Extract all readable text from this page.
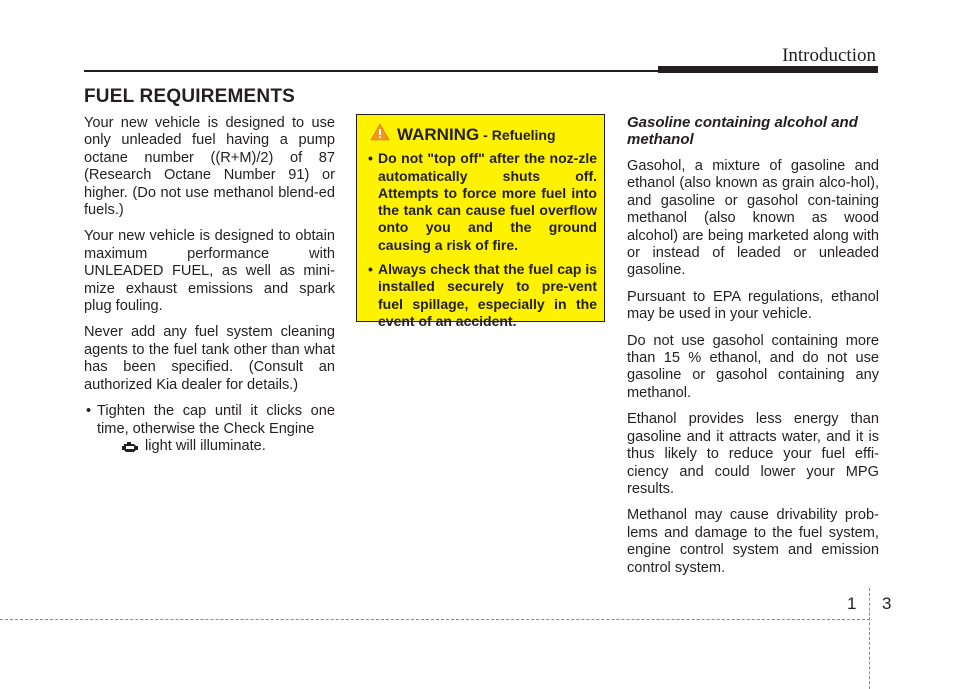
Introduction
FUEL REQUIREMENTS

Your new vehicle is designed to use only unleaded fuel having a pump octane number ((R+M)/2) of 87 (Research Octane Number 91) or higher. (Do not use methanol blend-ed fuels.)

Your new vehicle is designed to obtain maximum performance with UNLEADED FUEL, as well as mini-mize exhaust emissions and spark plug fouling.

Never add any fuel system cleaning agents to the fuel tank other than what has been specified. (Consult an authorized Kia dealer for details.)

• Tighten the cap until it clicks one time, otherwise the Check Engine
light will illuminate.
WARNING - Refueling
• Do not "top off" after the noz-zle automatically shuts off. Attempts to force more fuel into the tank can cause fuel overflow onto you and the ground causing a risk of fire.
• Always check that the fuel cap is installed securely to pre-vent fuel spillage, especially in the event of an accident.
Gasoline containing alcohol and methanol

Gasohol, a mixture of gasoline and ethanol (also known as grain alco-hol), and gasoline or gasohol con-taining methanol (also known as wood alcohol) are being marketed along with or instead of leaded or unleaded gasoline.

Pursuant to EPA regulations, ethanol may be used in your vehicle.

Do not use gasohol containing more than 15 % ethanol, and do not use gasoline or gasohol containing any methanol.

Ethanol provides less energy than gasoline and it attracts water, and it is thus likely to reduce your fuel effi-ciency and could lower your MPG results.

Methanol may cause drivability prob-lems and damage to the fuel system, engine control system and emission control system.

1 3
